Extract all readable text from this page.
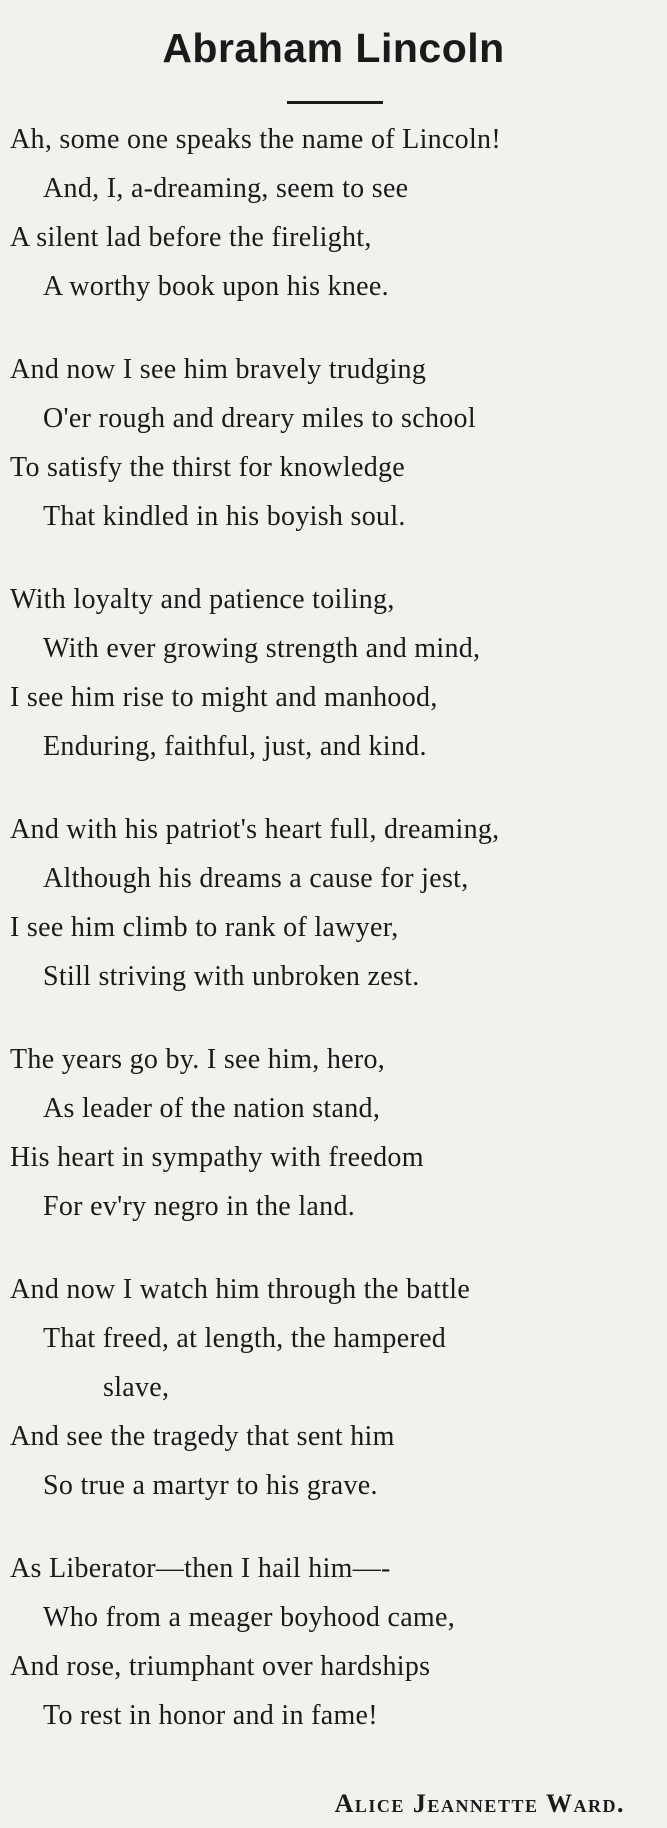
Abraham Lincoln
Ah, some one speaks the name of Lincoln!
And, I, a-dreaming, seem to see
A silent lad before the firelight,
A worthy book upon his knee.
And now I see him bravely trudging
O'er rough and dreary miles to school
To satisfy the thirst for knowledge
That kindled in his boyish soul.
With loyalty and patience toiling,
With ever growing strength and mind,
I see him rise to might and manhood,
Enduring, faithful, just, and kind.
And with his patriot's heart full, dreaming,
Although his dreams a cause for jest,
I see him climb to rank of lawyer,
Still striving with unbroken zest.
The years go by. I see him, hero,
As leader of the nation stand,
His heart in sympathy with freedom
For ev'ry negro in the land.
And now I watch him through the battle
That freed, at length, the hampered
slave,
And see the tragedy that sent him
So true a martyr to his grave.
As Liberator—then I hail him—-
Who from a meager boyhood came,
And rose, triumphant over hardships
To rest in honor and in fame!
Alice Jeannette Ward.
